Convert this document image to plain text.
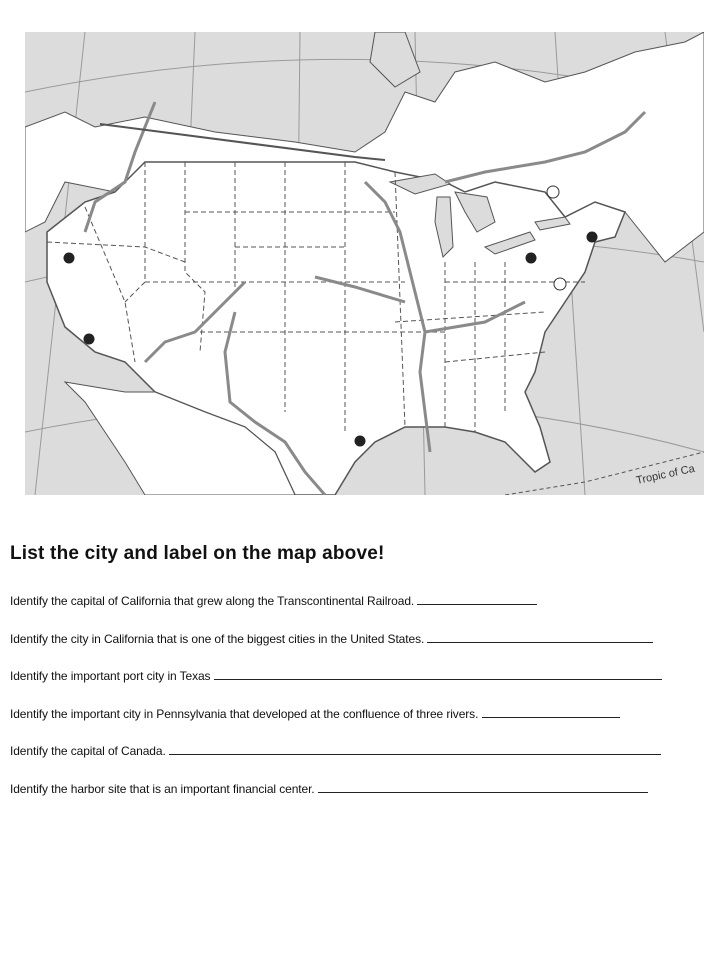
Tropic of Ca
List the city and label on the map above!
Identify the capital of California that grew along the Transcontinental Railroad.
Identify the city in California that is one of the biggest cities in the United States.
Identify the important port city in Texas
Identify the important city in Pennsylvania that developed at the confluence of three rivers.
Identify the capital of Canada.
Identify the harbor site that is an important financial center.
